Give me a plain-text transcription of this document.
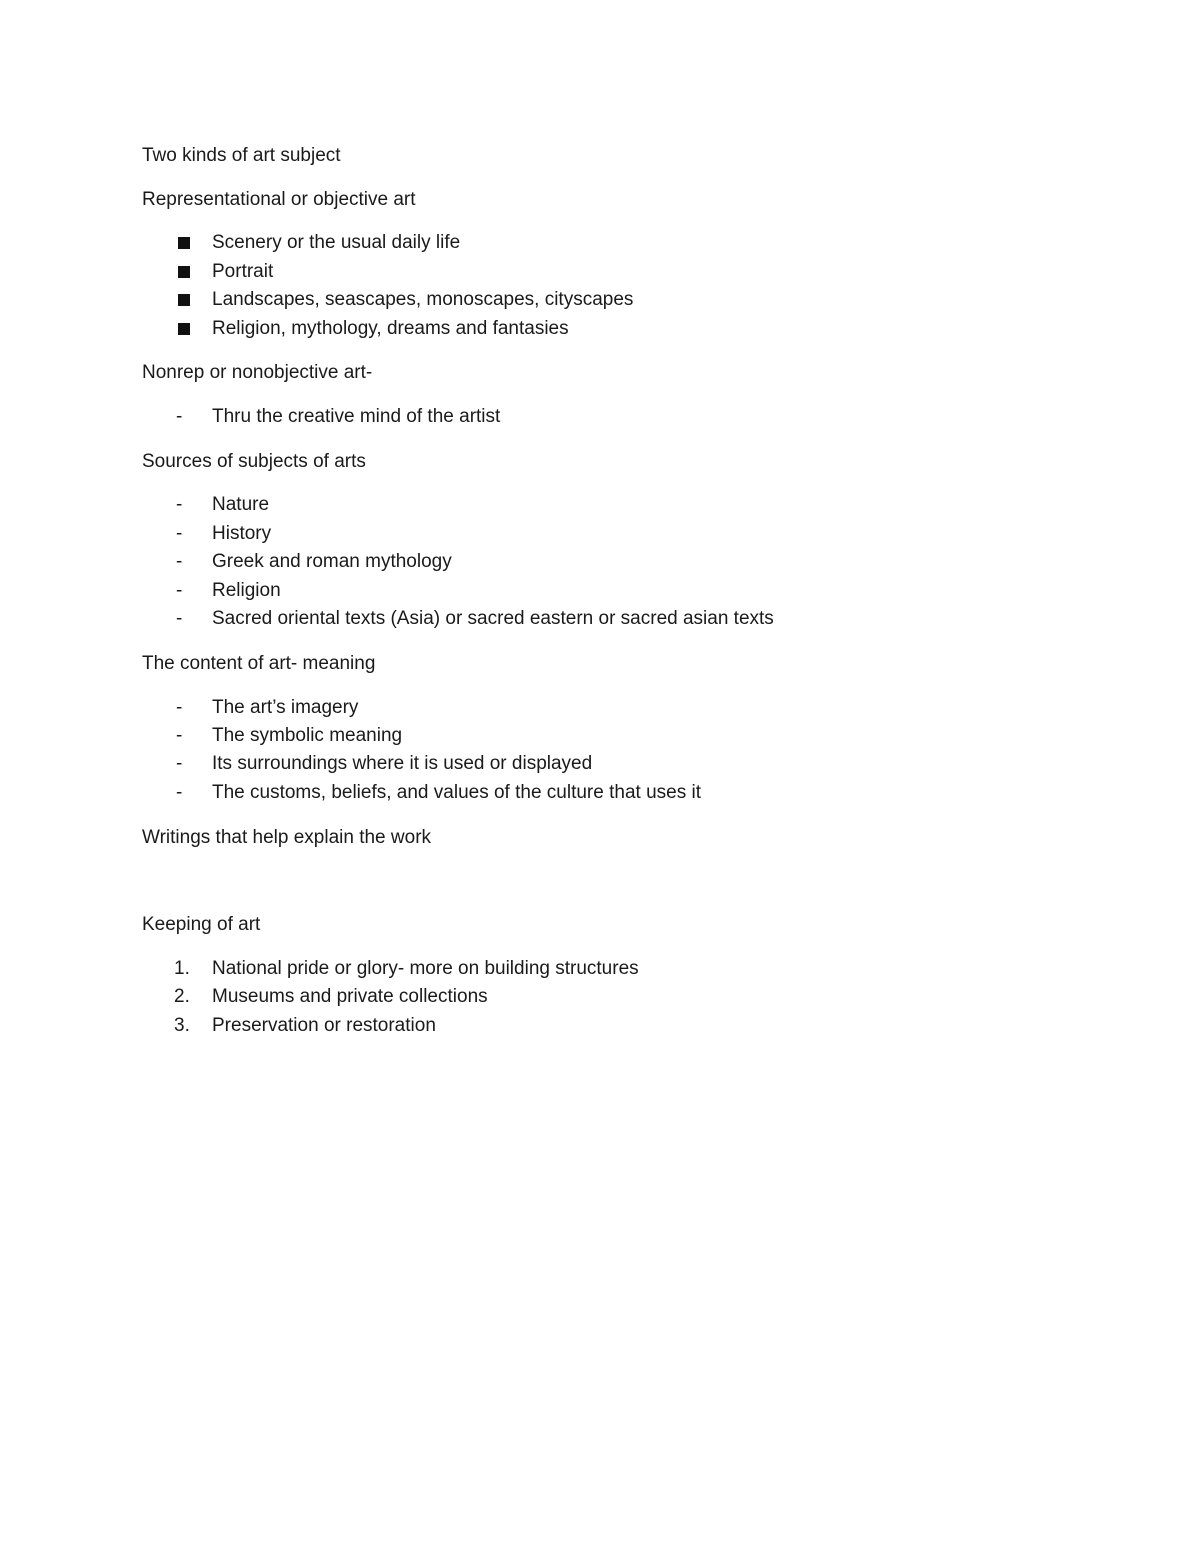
Two kinds of art subject
Representational or objective art
Scenery or the usual daily life
Portrait
Landscapes, seascapes, monoscapes, cityscapes
Religion, mythology, dreams and fantasies
Nonrep or nonobjective art-
- Thru the creative mind of the artist
Sources of subjects of arts
- Nature
- History
- Greek and roman mythology
- Religion
- Sacred oriental texts (Asia) or sacred eastern or sacred asian texts
The content of art- meaning
- The art’s imagery
- The symbolic meaning
- Its surroundings where it is used or displayed
- The customs, beliefs, and values of the culture that uses it
Writings that help explain the work
Keeping of art
1. National pride or glory- more on building structures
2. Museums and private collections
3. Preservation or restoration
